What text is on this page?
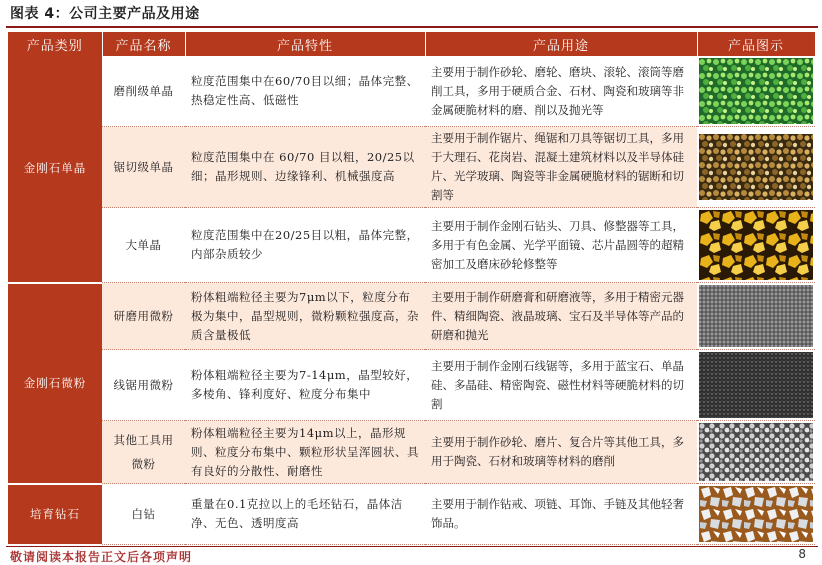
图表 4：公司主要产品及用途
产品类别	产品名称	产品特性	产品用途	产品图示
金刚石单晶	磨削级单晶	粒度范围集中在60/70目以细；晶体完整、热稳定性高、低磁性	主要用于制作砂轮、磨轮、磨块、滚轮、滚筒等磨削工具，多用于硬质合金、石材、陶瓷和玻璃等非金属硬脆材料的磨、削以及抛光等	

	锯切级单晶	粒度范围集中在 60/70 目以粗，20/25以细；晶形规则、边缘锋利、机械强度高	主要用于制作锯片、绳锯和刀具等锯切工具，多用于大理石、花岗岩、混凝土建筑材料以及半导体硅片、光学玻璃、陶瓷等非金属硬脆材料的锯断和切割等	

	大单晶	粒度范围集中在20/25目以粗，晶体完整，内部杂质较少	主要用于制作金刚石钻头、刀具、修整器等工具，多用于有色金属、光学平面镜、芯片晶圆等的超精密加工及磨床砂轮修整等	

金刚石微粉	研磨用微粉	粉体粗端粒径主要为7μm以下，粒度分布极为集中，晶型规则，微粉颗粒强度高，杂质含量极低	主要用于制作研磨膏和研磨液等，多用于精密元器件、精细陶瓷、液晶玻璃、宝石及半导体等产品的研磨和抛光	

	线锯用微粉	粉体粗端粒径主要为7-14μm，晶型较好，多棱角、锋利度好、粒度分布集中	主要用于制作金刚石线锯等，多用于蓝宝石、单晶硅、多晶硅、精密陶瓷、磁性材料等硬脆材料的切割	

	其他工具用微粉	粉体粗端粒径主要为14μm以上，晶形规则、粒度分布集中、颗粒形状呈浑圆状、具有良好的分散性、耐磨性	主要用于制作砂轮、磨片、复合片等其他工具，多用于陶瓷、石材和玻璃等材料的磨削	

培育钻石	白钻	重量在0.1克拉以上的毛坯钻石，晶体洁净、无色、透明度高	主要用于制作钻戒、项链、耳饰、手链及其他轻奢饰品。	
敬请阅读本报告正文后各项声明	8
